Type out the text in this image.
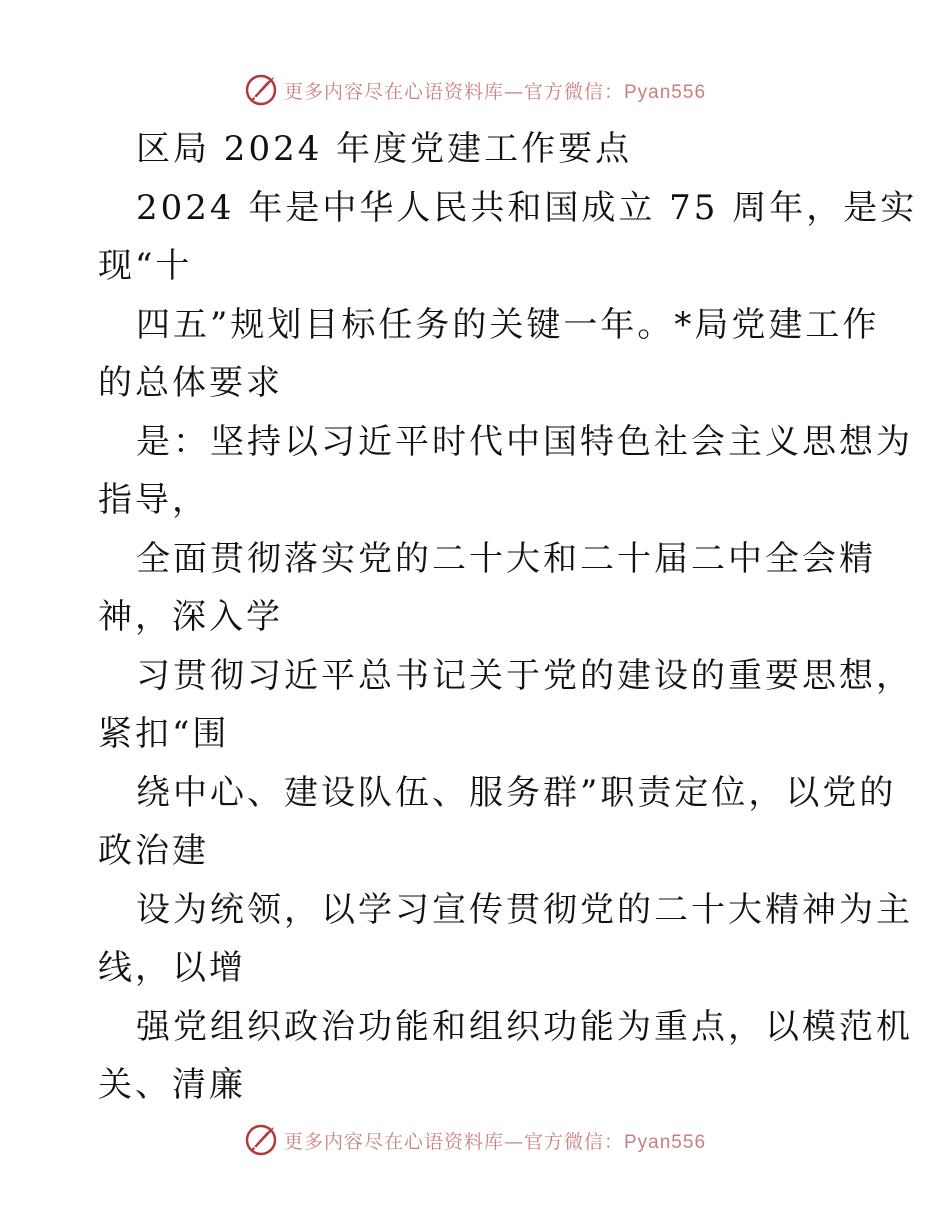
更多内容尽在心语资料库—官方微信：Pyan556
区局 2024 年度党建工作要点
2024 年是中华人民共和国成立 75 周年，是实
现“十
四五”规划目标任务的关键一年。*局党建工作
的总体要求
是：坚持以习近平时代中国特色社会主义思想为
指导，
全面贯彻落实党的二十大和二十届二中全会精
神，深入学
习贯彻习近平总书记关于党的建设的重要思想，
紧扣“围
绕中心、建设队伍、服务群”职责定位，以党的
政治建
设为统领，以学习宣传贯彻党的二十大精神为主
线，以增
强党组织政治功能和组织功能为重点，以模范机
关、清廉
更多内容尽在心语资料库—官方微信：Pyan556
